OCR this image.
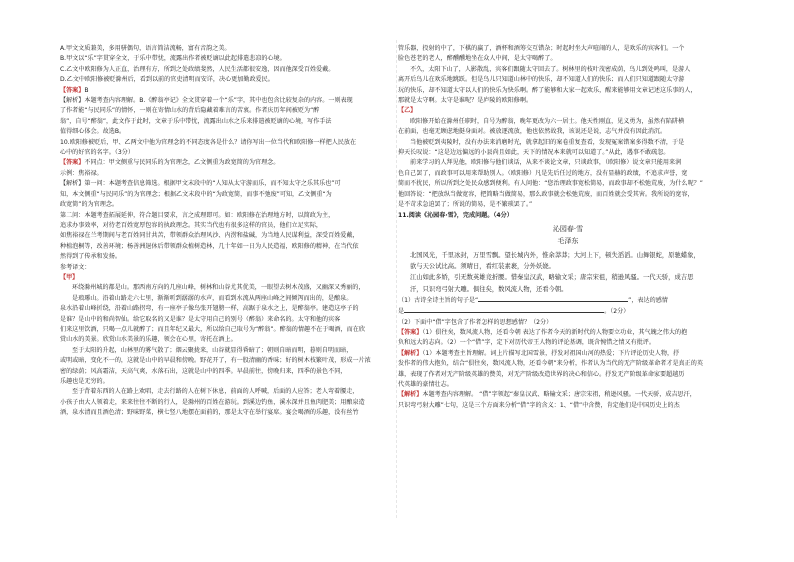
A.甲文文质兼美，多用骈偶句，语言简洁流畅，富有音韵之美。

B.甲文以“乐”字贯穿全文，于乐中带忧，流露出作者被贬谪以此起排遣悲凉的心境。

C.乙文中欧阳修为人正直，治理有方，所到之处政绩斐然，人民生活都很安逸，因而他深受百姓爱戴。

D.乙文中欧阳修被贬滁州后，看到以前的官吏清明而安详，决心更加勤政爱民。

【答案】B

【解析】本题考查内容理解。B.《醉翁亭记》全文贯穿着一个“乐”字，其中也包含比较复杂的内容。一则表现

了作者能“与民同乐”的情怀，一则在寄情山水的背后隐藏着难言的苦衷。作者庆历年间被贬为“醉

翁”，自号“醉翁”，此文作于此时，文章于乐中带忧，流露出山水之乐来排遣被贬谪的心境，写作手法

值得细心体会。故选B。

10.欧阳修被贬后，甲、乙两文中他为官理念的不同态度各是什么？请你写出一位当代和欧阳修一样把人民放在

心中的好官的名字。（3分）

【答案】不同点：甲文侧重与民同乐的为官理念，乙文侧重为政宽简的为官理念。

示例：焦裕禄。

【解析】第一问：本题考查信息筛选。根据甲文末段中的“人知从太守游而乐，而不知太守之乐其乐也”可

知，本文侧重“与民同乐”的为官理念；根据乙文末段中的“为政宽简，而事不弛废”可知，乙文侧重“为

政宽简”的为官理念。

第二问：本题考查拓展延伸，符合题目要求，言之成理即可。如：欧阳修在治理地方时，以简政为主，

追求办事效率，对待老百姓宽厚包容的执政理念。其实当代也有很多这样的官员，他们立足实际，

如焦裕禄在兰考期间与老百姓同甘共苦，带领群众治理风沙、内涝和盐碱，为当地人民谋利益，深受百姓爱戴，

种植泡桐等，改善环境；杨善洲退休后带领群众植树造林，几十年如一日为人民造福，欧阳修的精神，在当代依

然得到了传承和发扬。

参考译文：

【甲】

环绕滁州城的都是山。那西南方向的几座山峰，树林和山谷尤其优美，一眼望去树木茂盛，又幽深又秀丽的，

是琅琊山。沿着山路走六七里，渐渐听到潺潺的水声，而看到水流从两座山峰之间倾泻而出的，是酿泉。

泉水沿着山峰折绕，沿着山路拐弯，有一座亭子像鸟张开翅膀一样，高踞于泉水之上，是醉翁亭。建造这亭子的

是谁？是山中的和尚智仙。给它取名的又是谁？是太守用自己的别号（醉翁）来命名的。太守和他的宾客

们来这里饮酒，只喝一点儿就醉了；而且年纪又最大，所以给自己取号为“醉翁”。醉翁的情趣不在于喝酒，而在欣

赏山水的美景。欣赏山水美景的乐趣，领会在心里，寄托在酒上。

至于太阳的升起，山林里的雾气散了；烟云聚拢来，山谷就显得昏暗了；朝则自暗而明，暮则自明而暗，

或明或暗，变化不一的，这就是山中的早晨和傍晚。野花开了，有一股清幽的香味；好的树木枝繁叶茂，形成一片浓

密的绿荫；风高霜洁，天高气爽，水落石出，这就是山中的四季。早晨前往，傍晚归来，四季的景色不同，

乐趣也是无穷的。

至于背着东西的人在路上欢唱，走去行路的人在树下休息，前面的人呼喊，后面的人应答；老人弯着腰走，

小孩子由大人领着走，来来往往不断的行人，是滁州的百姓在游玩。到溪边钓鱼，溪水深并且鱼肉肥美；用酿泉造

酒，泉水清而且酒色清；野味野菜，横七竖八地摆在面前的，那是太守在举行宴席。宴会喝酒的乐趣，没有丝竹

管乐器，投射的中了，下棋的赢了，酒杯和酒筹交互错杂；时起时坐大声喧闹的人，是欢乐的宾客们。一个

脸色苍老的老人，醉醺醺地坐在众人中间，是太守喝醉了。

不久，太阳下山了，人影散乱，宾客们跟随太守回去了。树林里的枝叶茂密成荫，鸟儿到处鸣叫，是游人

离开后鸟儿在欢乐地跳跃。但是鸟儿只知道山林中的快乐，却不知道人们的快乐；而人们只知道跟随太守游

玩的快乐，却不知道太守以人们的快乐为快乐啊。醉了能够和大家一起欢乐，醒来能够用文章记述这乐事的人，

那就是太守啊。太守是谁呢？是庐陵的欧阳修啊。

【乙】

欧阳修开始在滁州任职时，自号为醉翁，晚年更改为六一居士。他天性刚直，见义勇为，虽然有陷阱横

在前面，也毫无顾虑地挺身面对。被放逐流放，他也依然故我，该说还是说，志气并没有因此消沉。

当他被贬到夷陵时，没有办法来消磨时光，就拿起旧的案卷重复查看，发现冤案错案多得数不清，于是

抑天长叹说：“这是边远偏远的小县尚且如此，天下的情况本来就可以知道了。”从此，遇事不敢疏忽。

前来学习的人拜见他，欧阳修与他们谈话，从来不谈论文章，只谈政事，（欧阳修）说文章只能用来润

色自己罢了，而政事可以用来帮助别人。（欧阳修）凡是先后任过的地方，没有显赫的政绩，不追求声誉，宽

简而不扰民，所以所到之处民众感到便利。有人问他：“您治理政事宽松简易，而政事却不松弛荒废，为什么呢？”

他回答说：“把放纵当做宽容，把简略当做简易，那么政事就会松弛荒废，而百姓就会受其害。我所说的宽容，

是不苛求急迫罢了；所说的简易，是不繁琐罢了。”

11.阅读《沁园春·雪》，完成问题。（4分）

沁园春·雪

毛泽东

北国风光，千里冰封，万里雪飘。望长城内外，惟余莽莽；大河上下，顿失滔滔。山舞银蛇，原驰蜡象，

欲与天公试比高。须晴日，看红装素裹，分外妖娆。

江山如此多娇，引无数英雄竞折腰。惜秦皇汉武，略输文采；唐宗宋祖，稍逊风骚。一代天骄，成吉思

汗，只识弯弓射大雕。俱往矣，数风流人物，还看今朝。

（1）古诗全诗主旨的句子是“	”，表达的感情

是	。（2分）

（2）下面中“借”字包含了作者怎样的思想感情？（2分）

【答案】（1）俱往矣，数风流人物，还看今朝 表达了作者今天的新时代的人物要立功业，其气魄之伟大的抱

负和远大的志向。（2）一个“借”字，定下对历代帝王人物的评论基调，既含惋惜之情又有批评。

【解析】（1）本题考查主旨理解。词上片描写北国雪景，抒发对祖国山河的热爱；下片评论历史人物，抒

发作者的伟大抱负，结合“俱往矣，数风流人物，还看今朝”来分析，作者认为当代的无产阶级革命者才是真正的英

雄，表现了作者对无产阶级英雄的赞美，对无产阶级改造世界的决心和信心。抒发无产阶级革命家要超越历

代英雄的豪情壮志。

【解析】本题考查内容理解。 “借”字领起“秦皇汉武、略输文采；唐宗宋祖，稍逊风骚。一代天骄，成吉思汗，

只识弯弓射大雕”七句，这是三个方面来分析“借”字的含义：1、“借”中含赞，肯定他们是中国历史上的杰
